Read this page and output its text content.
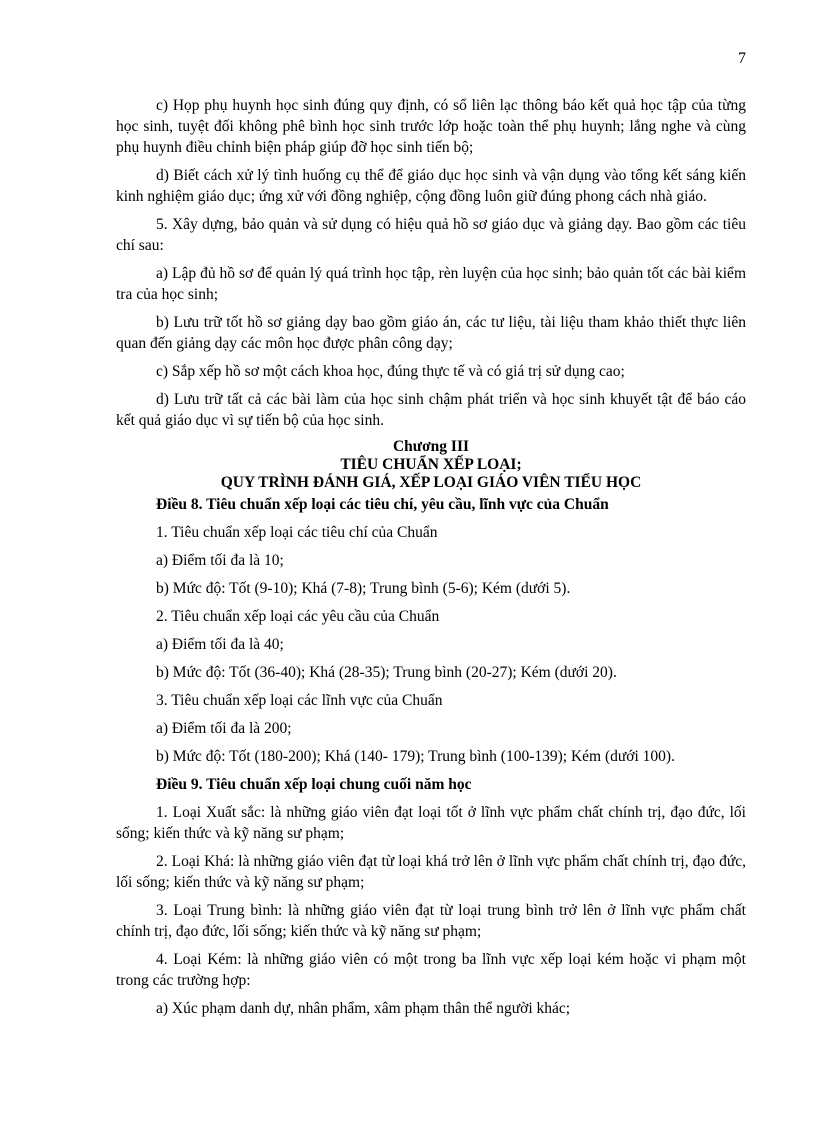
7

c) Họp phụ huynh học sinh đúng quy định, có sổ liên lạc thông báo kết quả học tập của từng học sinh, tuyệt đối không phê bình học sinh trước lớp hoặc toàn thể phụ huynh; lắng nghe và cùng phụ huynh điều chỉnh biện pháp giúp đỡ học sinh tiến bộ;

d) Biết cách xử lý tình huống cụ thể để giáo dục học sinh và vận dụng vào tổng kết sáng kiến kinh nghiệm giáo dục; ứng xử với đồng nghiệp, cộng đồng luôn giữ đúng phong cách nhà giáo.

5. Xây dựng, bảo quản và sử dụng có hiệu quả hồ sơ giáo dục và giảng dạy. Bao gồm các tiêu chí sau:

a) Lập đủ hồ sơ để quản lý quá trình học tập, rèn luyện của học sinh; bảo quản tốt các bài kiểm tra của học sinh;

b) Lưu trữ tốt hồ sơ giảng dạy bao gồm giáo án, các tư liệu, tài liệu tham khảo thiết thực liên quan đến giảng dạy các môn học được phân công dạy;

c) Sắp xếp hồ sơ một cách khoa học, đúng thực tế và có giá trị sử dụng cao;

d) Lưu trữ tất cả các bài làm của học sinh chậm phát triển và học sinh khuyết tật để báo cáo kết quả giáo dục vì sự tiến bộ của học sinh.

Chương III
TIÊU CHUẨN XẾP LOẠI;
QUY TRÌNH ĐÁNH GIÁ, XẾP LOẠI GIÁO VIÊN TIỂU HỌC

Điều 8. Tiêu chuẩn xếp loại các tiêu chí, yêu cầu, lĩnh vực của Chuẩn

1. Tiêu chuẩn xếp loại các tiêu chí của Chuẩn

a) Điểm tối đa là 10;

b) Mức độ: Tốt (9-10); Khá (7-8); Trung bình (5-6); Kém (dưới 5).

2. Tiêu chuẩn xếp loại các yêu cầu của Chuẩn

a) Điểm tối đa là 40;

b) Mức độ: Tốt (36-40); Khá (28-35); Trung bình (20-27); Kém (dưới 20).

3. Tiêu chuẩn xếp loại các lĩnh vực của Chuẩn

a) Điểm tối đa là 200;

b) Mức độ: Tốt (180-200); Khá (140- 179); Trung bình (100-139); Kém (dưới 100).

Điều 9. Tiêu chuẩn xếp loại chung cuối năm học

1. Loại Xuất sắc: là những giáo viên đạt loại tốt ở lĩnh vực phẩm chất chính trị, đạo đức, lối sống; kiến thức và kỹ năng sư phạm;

2. Loại Khá: là những giáo viên đạt từ loại khá trở lên ở lĩnh vực phẩm chất chính trị, đạo đức, lối sống; kiến thức và kỹ năng sư phạm;

3. Loại Trung bình: là những giáo viên đạt từ loại trung bình trở lên ở lĩnh vực phẩm chất chính trị, đạo đức, lối sống; kiến thức và kỹ năng sư phạm;

4. Loại Kém: là những giáo viên có một trong ba lĩnh vực xếp loại kém hoặc vi phạm một trong các trường hợp:

a) Xúc phạm danh dự, nhân phẩm, xâm phạm thân thể người khác;
